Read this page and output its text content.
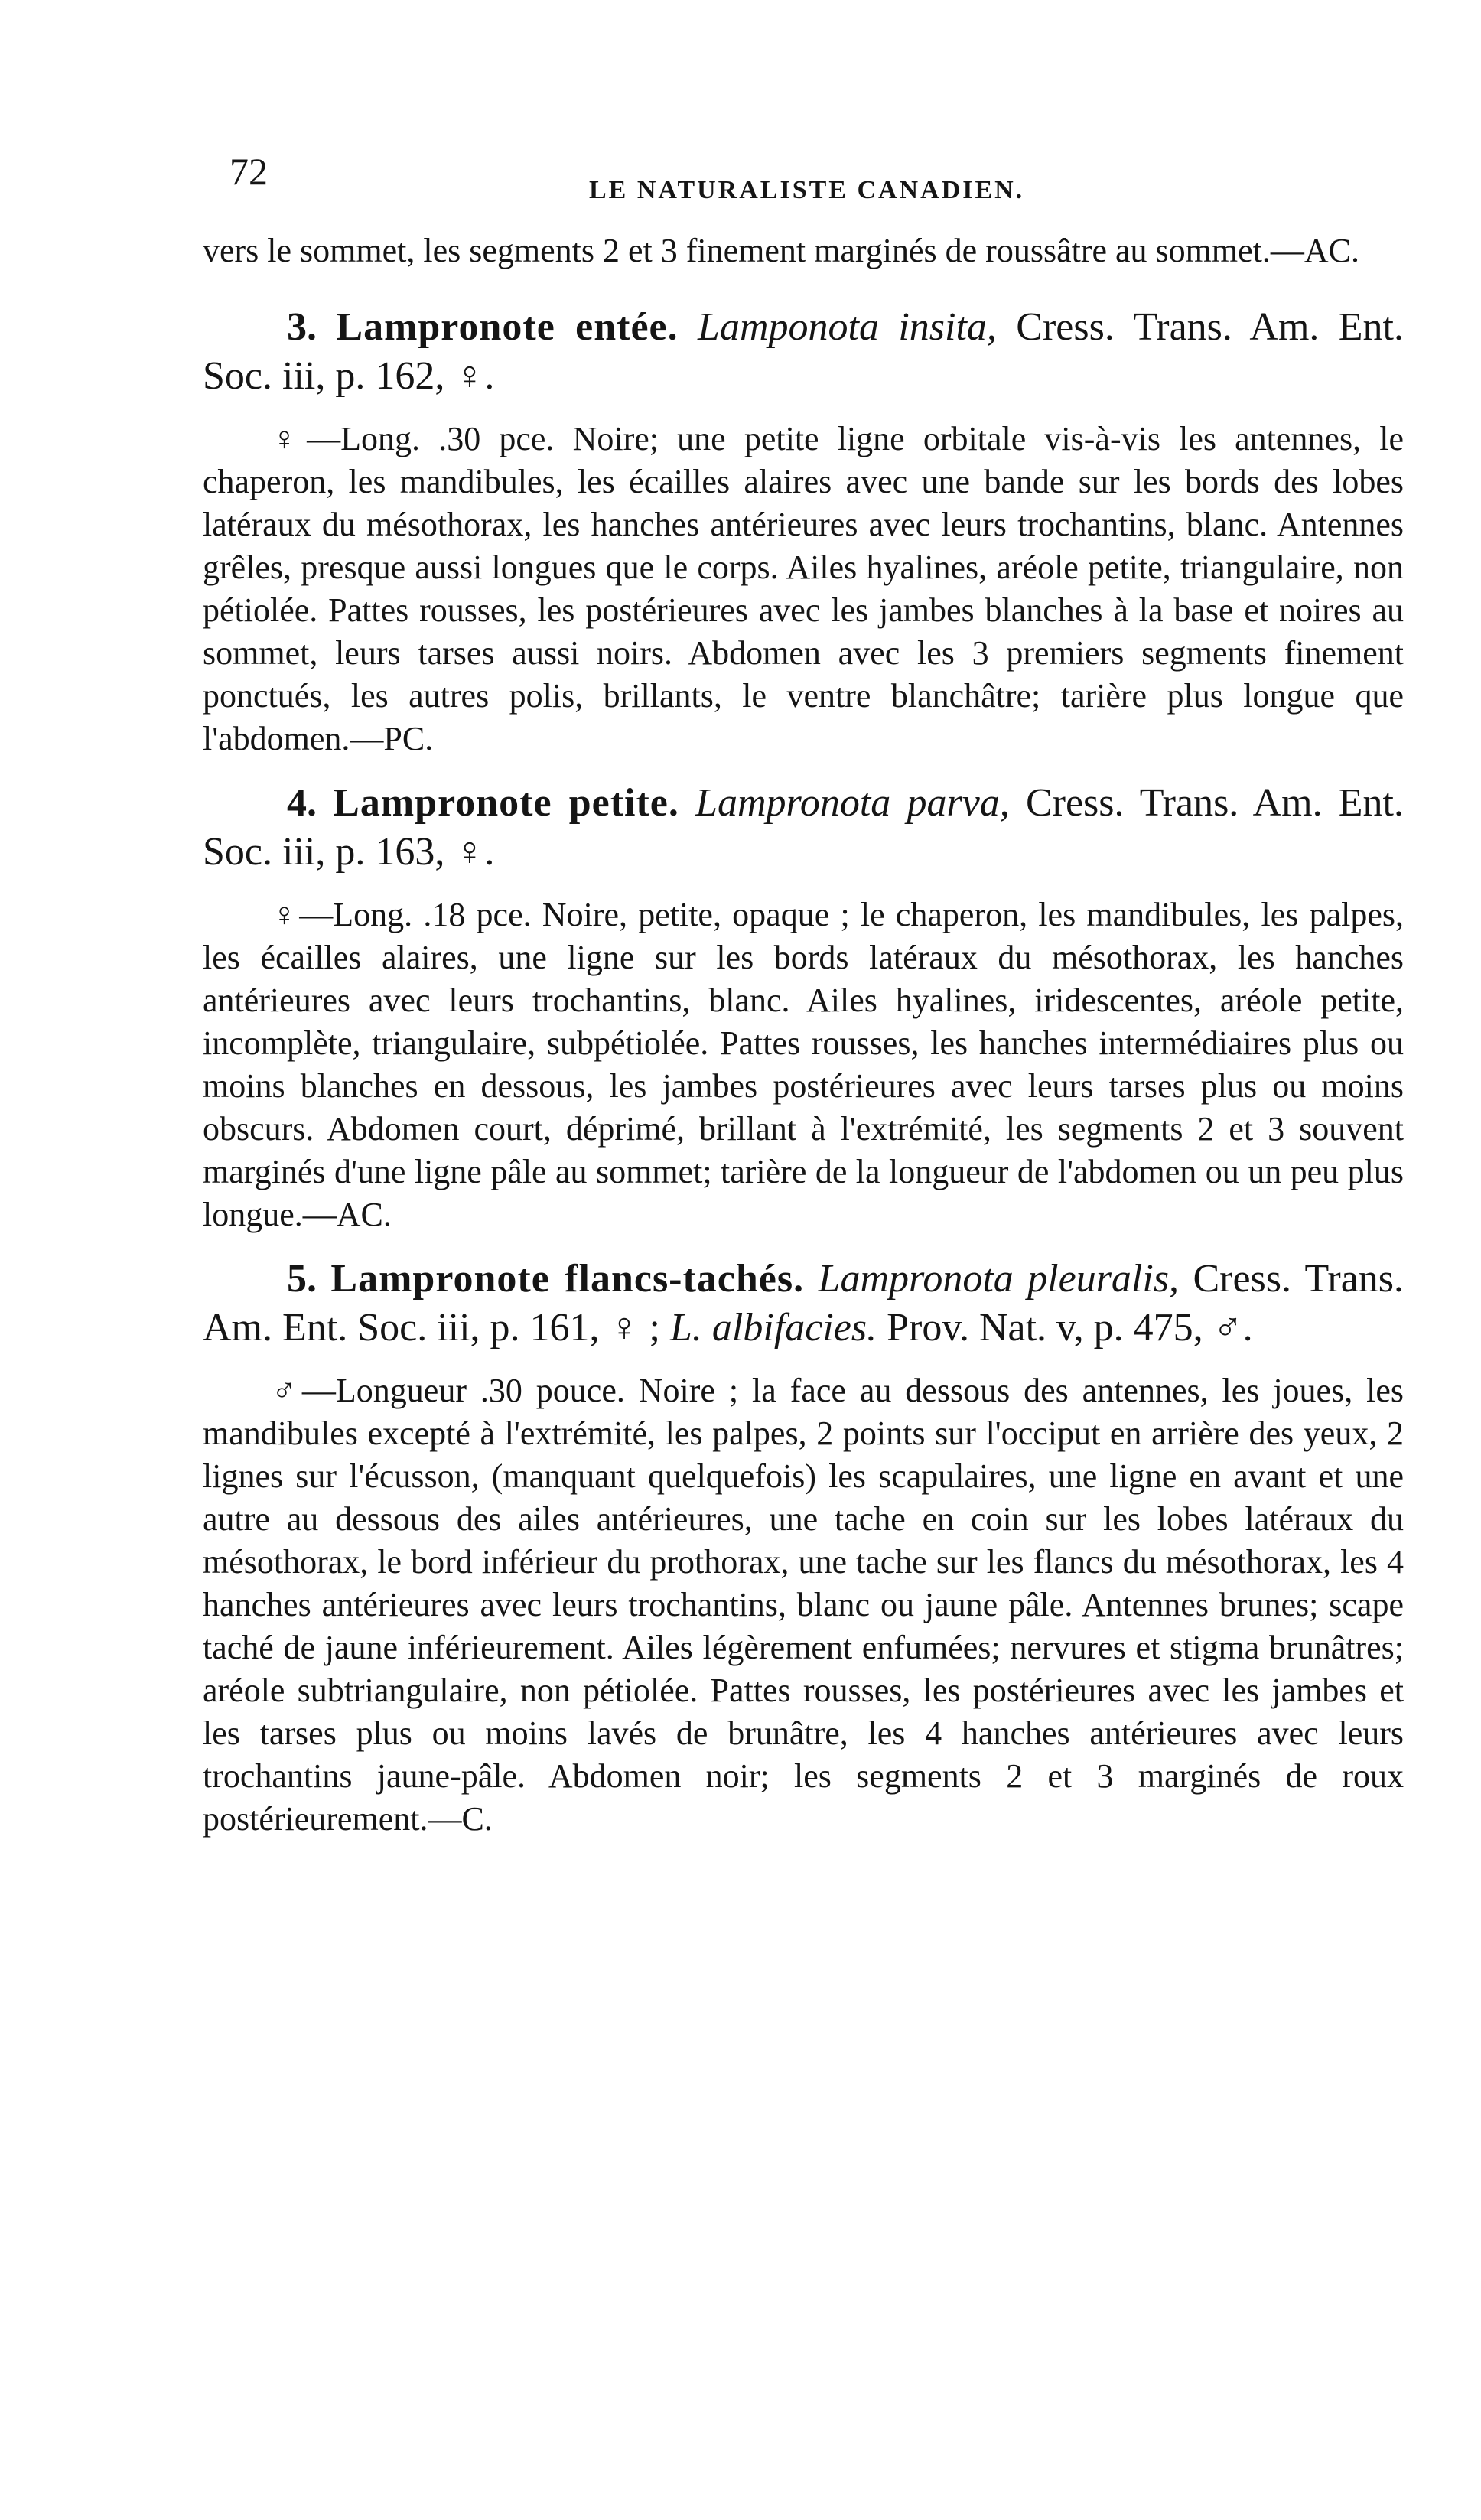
72	LE NATURALISTE CANADIEN.

vers le sommet, les segments 2 et 3 finement marginés de roussâtre au sommet.—AC.

3. Lampronote entée. Lamponota insita, Cress. Trans. Am. Ent. Soc. iii, p. 162, ♀.

♀—Long. .30 pce. Noire; une petite ligne orbitale vis-à-vis les antennes, le chaperon, les mandibules, les écailles alaires avec une bande sur les bords des lobes latéraux du mésothorax, les hanches antérieures avec leurs trochantins, blanc. Antennes grêles, presque aussi longues que le corps. Ailes hyalines, aréole petite, triangulaire, non pétiolée. Pattes rousses, les postérieures avec les jambes blanches à la base et noires au sommet, leurs tarses aussi noirs. Abdomen avec les 3 premiers segments finement ponctués, les autres polis, brillants, le ventre blanchâtre; tarière plus longue que l'abdomen.—PC.

4. Lampronote petite. Lampronota parva, Cress. Trans. Am. Ent. Soc. iii, p. 163, ♀.

♀—Long. .18 pce. Noire, petite, opaque ; le chaperon, les mandibules, les palpes, les écailles alaires, une ligne sur les bords latéraux du mésothorax, les hanches antérieures avec leurs trochantins, blanc. Ailes hyalines, iridescentes, aréole petite, incomplète, triangulaire, subpétiolée. Pattes rousses, les hanches intermédiaires plus ou moins blanches en dessous, les jambes postérieures avec leurs tarses plus ou moins obscurs. Abdomen court, déprimé, brillant à l'extrémité, les segments 2 et 3 souvent marginés d'une ligne pâle au sommet; tarière de la longueur de l'abdomen ou un peu plus longue.—AC.

5. Lampronote flancs-tachés. Lampronota pleuralis, Cress. Trans. Am. Ent. Soc. iii, p. 161, ♀ ; L. albifacies. Prov. Nat. v, p. 475, ♂.

♂—Longueur .30 pouce. Noire ; la face au dessous des antennes, les joues, les mandibules excepté à l'extrémité, les palpes, 2 points sur l'occiput en arrière des yeux, 2 lignes sur l'écusson, (manquant quelquefois) les scapulaires, une ligne en avant et une autre au dessous des ailes antérieures, une tache en coin sur les lobes latéraux du mésothorax, le bord inférieur du prothorax, une tache sur les flancs du mésothorax, les 4 hanches antérieures avec leurs trochantins, blanc ou jaune pâle. Antennes brunes; scape taché de jaune inférieurement. Ailes légèrement enfumées; nervures et stigma brunâtres; aréole subtriangulaire, non pétiolée. Pattes rousses, les postérieures avec les jambes et les tarses plus ou moins lavés de brunâtre, les 4 hanches antérieures avec leurs trochantins jaune-pâle. Abdomen noir; les segments 2 et 3 marginés de roux postérieurement.—C.
